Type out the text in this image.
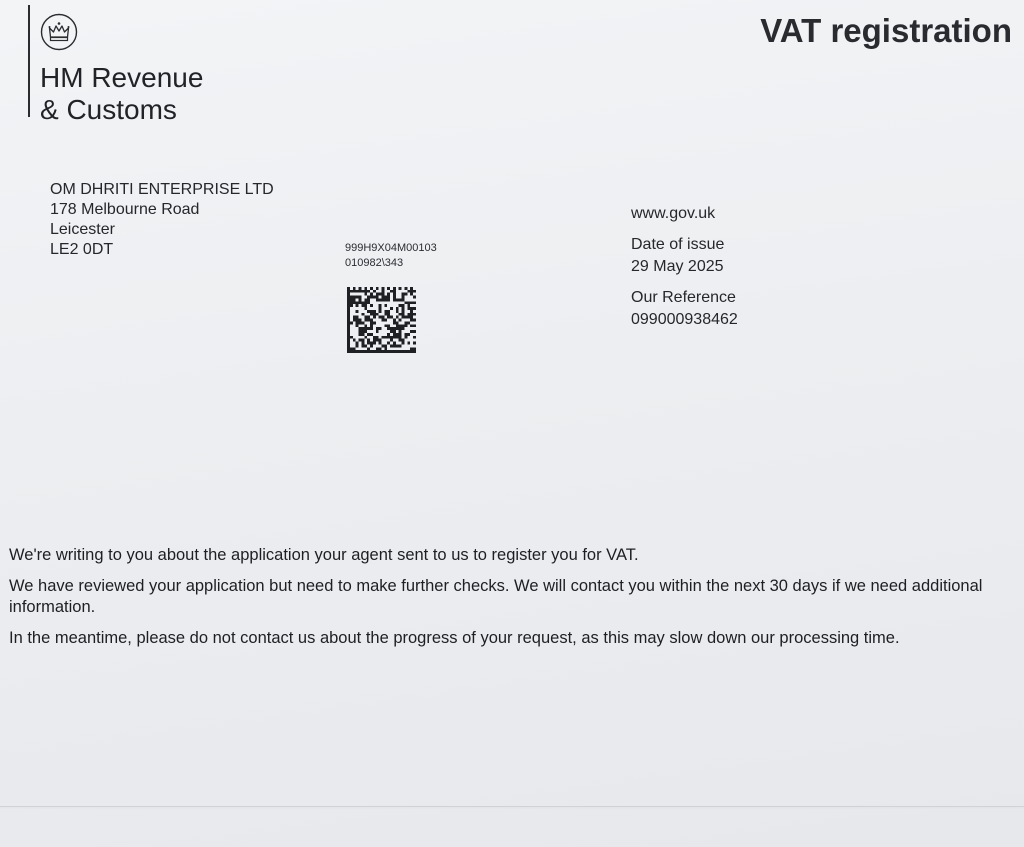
HM Revenue
& Customs
VAT registration
OM DHRITI ENTERPRISE LTD
178 Melbourne Road
Leicester
LE2 0DT	999H9X04M00103
010982\343
www.gov.uk
Date of issue
29 May 2025
Our Reference
099000938462

We're writing to you about the application your agent sent to us to register you for VAT.

We have reviewed your application but need to make further checks. We will contact you within the next 30 days if we need additional information.

In the meantime, please do not contact us about the progress of your request, as this may slow down our processing time.
